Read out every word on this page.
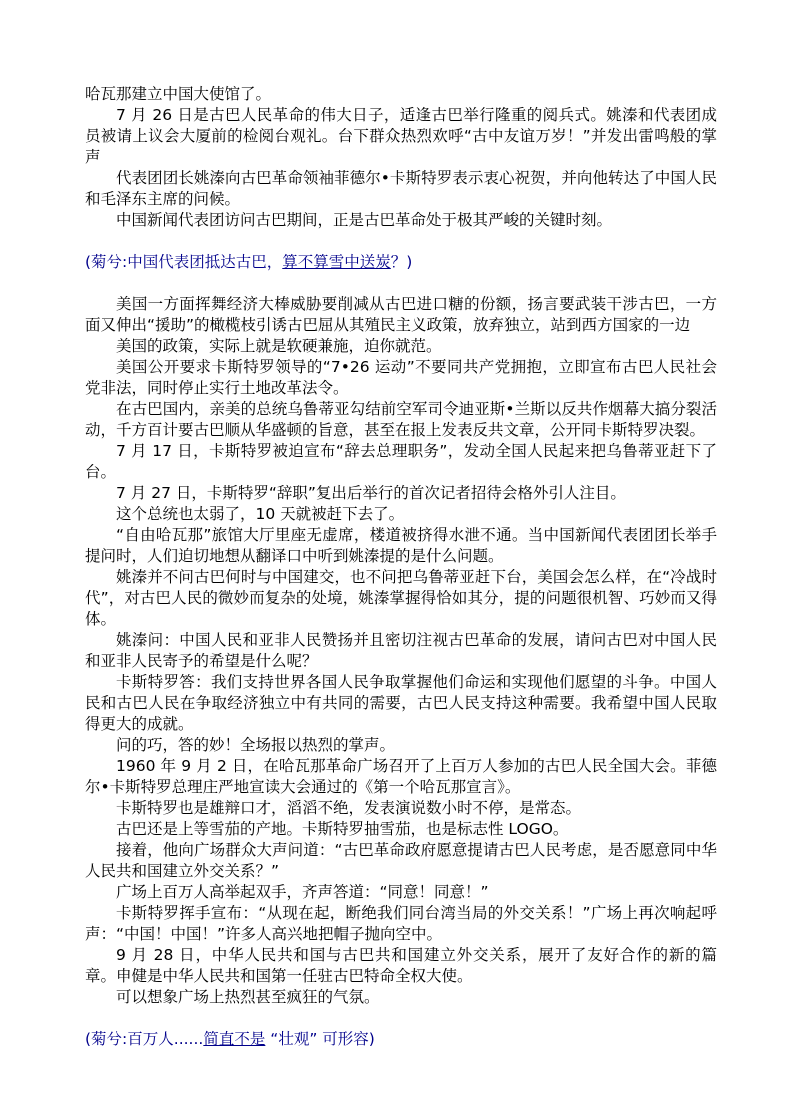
哈瓦那建立中国大使馆了。

7 月 26 日是古巴人民革命的伟大日子，适逢古巴举行隆重的阅兵式。姚溱和代表团成员被请上议会大厦前的检阅台观礼。台下群众热烈欢呼“古中友谊万岁！”并发出雷鸣般的掌声

代表团团长姚溱向古巴革命领袖菲德尔•卡斯特罗表示衷心祝贺，并向他转达了中国人民和毛泽东主席的问候。

中国新闻代表团访问古巴期间，正是古巴革命处于极其严峻的关键时刻。

(菊兮:中国代表团抵达古巴，算不算雪中送炭？)

美国一方面挥舞经济大棒威胁要削减从古巴进口糖的份额，扬言要武装干涉古巴，一方面又伸出“援助”的橄榄枝引诱古巴屈从其殖民主义政策，放弃独立，站到西方国家的一边

美国的政策，实际上就是软硬兼施，迫你就范。

美国公开要求卡斯特罗领导的“7•26 运动”不要同共产党拥抱，立即宣布古巴人民社会党非法，同时停止实行土地改革法令。

在古巴国内，亲美的总统乌鲁蒂亚勾结前空军司令迪亚斯•兰斯以反共作烟幕大搞分裂活动，千方百计要古巴顺从华盛顿的旨意，甚至在报上发表反共文章，公开同卡斯特罗决裂。

7 月 17 日，卡斯特罗被迫宣布“辞去总理职务”，发动全国人民起来把乌鲁蒂亚赶下了台。

7 月 27 日，卡斯特罗“辞职”复出后举行的首次记者招待会格外引人注目。

这个总统也太弱了，10 天就被赶下去了。

“自由哈瓦那”旅馆大厅里座无虚席，楼道被挤得水泄不通。当中国新闻代表团团长举手提问时，人们迫切地想从翻译口中听到姚溱提的是什么问题。

姚溱并不问古巴何时与中国建交，也不问把乌鲁蒂亚赶下台，美国会怎么样，在“冷战时代”，对古巴人民的微妙而复杂的处境，姚溱掌握得恰如其分，提的问题很机智、巧妙而又得体。

姚溱问：中国人民和亚非人民赞扬并且密切注视古巴革命的发展，请问古巴对中国人民和亚非人民寄予的希望是什么呢？

卡斯特罗答：我们支持世界各国人民争取掌握他们命运和实现他们愿望的斗争。中国人民和古巴人民在争取经济独立中有共同的需要，古巴人民支持这种需要。我希望中国人民取得更大的成就。

问的巧，答的妙！全场报以热烈的掌声。

1960 年 9 月 2 日，在哈瓦那革命广场召开了上百万人参加的古巴人民全国大会。菲德尔•卡斯特罗总理庄严地宣读大会通过的《第一个哈瓦那宣言》。

卡斯特罗也是雄辩口才，滔滔不绝，发表演说数小时不停，是常态。

古巴还是上等雪茄的产地。卡斯特罗抽雪茄，也是标志性 LOGO。

接着，他向广场群众大声问道：“古巴革命政府愿意提请古巴人民考虑，是否愿意同中华人民共和国建立外交关系？”

广场上百万人高举起双手，齐声答道：“同意！同意！”

卡斯特罗挥手宣布：“从现在起，断绝我们同台湾当局的外交关系！”广场上再次响起呼声：“中国！中国！”许多人高兴地把帽子抛向空中。

9 月 28 日，中华人民共和国与古巴共和国建立外交关系，展开了友好合作的新的篇章。申健是中华人民共和国第一任驻古巴特命全权大使。

可以想象广场上热烈甚至疯狂的气氛。

(菊兮:百万人......简直不是 “壮观” 可形容)
